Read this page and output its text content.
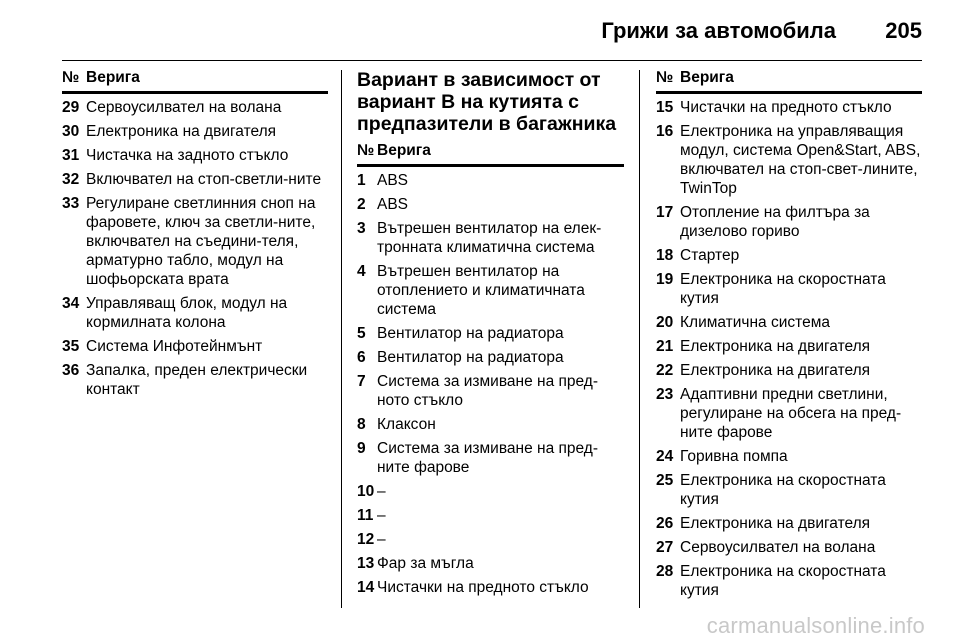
Грижи за автомобила 205
№ Верига
29 Сервоусилвател на волана
30 Електроника на двигателя
31 Чистачка на задното стъкло
32 Включвател на стоп-светли-ните
33 Регулиране светлинния сноп на фаровете, ключ за светли-ните, включвател на съедини-теля, арматурно табло, модул на шофьорската врата
34 Управляващ блок, модул на кормилната колона
35 Система Инфотейнмънт
36 Запалка, преден електрически контакт
Вариант в зависимост от вариант В на кутията с предпазители в багажника
№ Верига
1 ABS
2 ABS
3 Вътрешен вентилатор на елек-тронната климатична система
4 Вътрешен вентилатор на отоплението и климатичната система
5 Вентилатор на радиатора
6 Вентилатор на радиатора
7 Система за измиване на пред-ното стъкло
8 Клаксон
9 Система за измиване на пред-ните фарове
10 –
11 –
12 –
13 Фар за мъгла
14 Чистачки на предното стъкло
№ Верига
15 Чистачки на предното стъкло
16 Електроника на управляващия модул, система Open&Start, ABS, включвател на стоп-свет-лините, TwinTop
17 Отопление на филтъра за дизелово гориво
18 Стартер
19 Електроника на скоростната кутия
20 Климатична система
21 Електроника на двигателя
22 Електроника на двигателя
23 Адаптивни предни светлини, регулиране на обсега на пред-ните фарове
24 Горивна помпа
25 Електроника на скоростната кутия
26 Електроника на двигателя
27 Сервоусилвател на волана
28 Електроника на скоростната кутия
carmanualsonline.info
